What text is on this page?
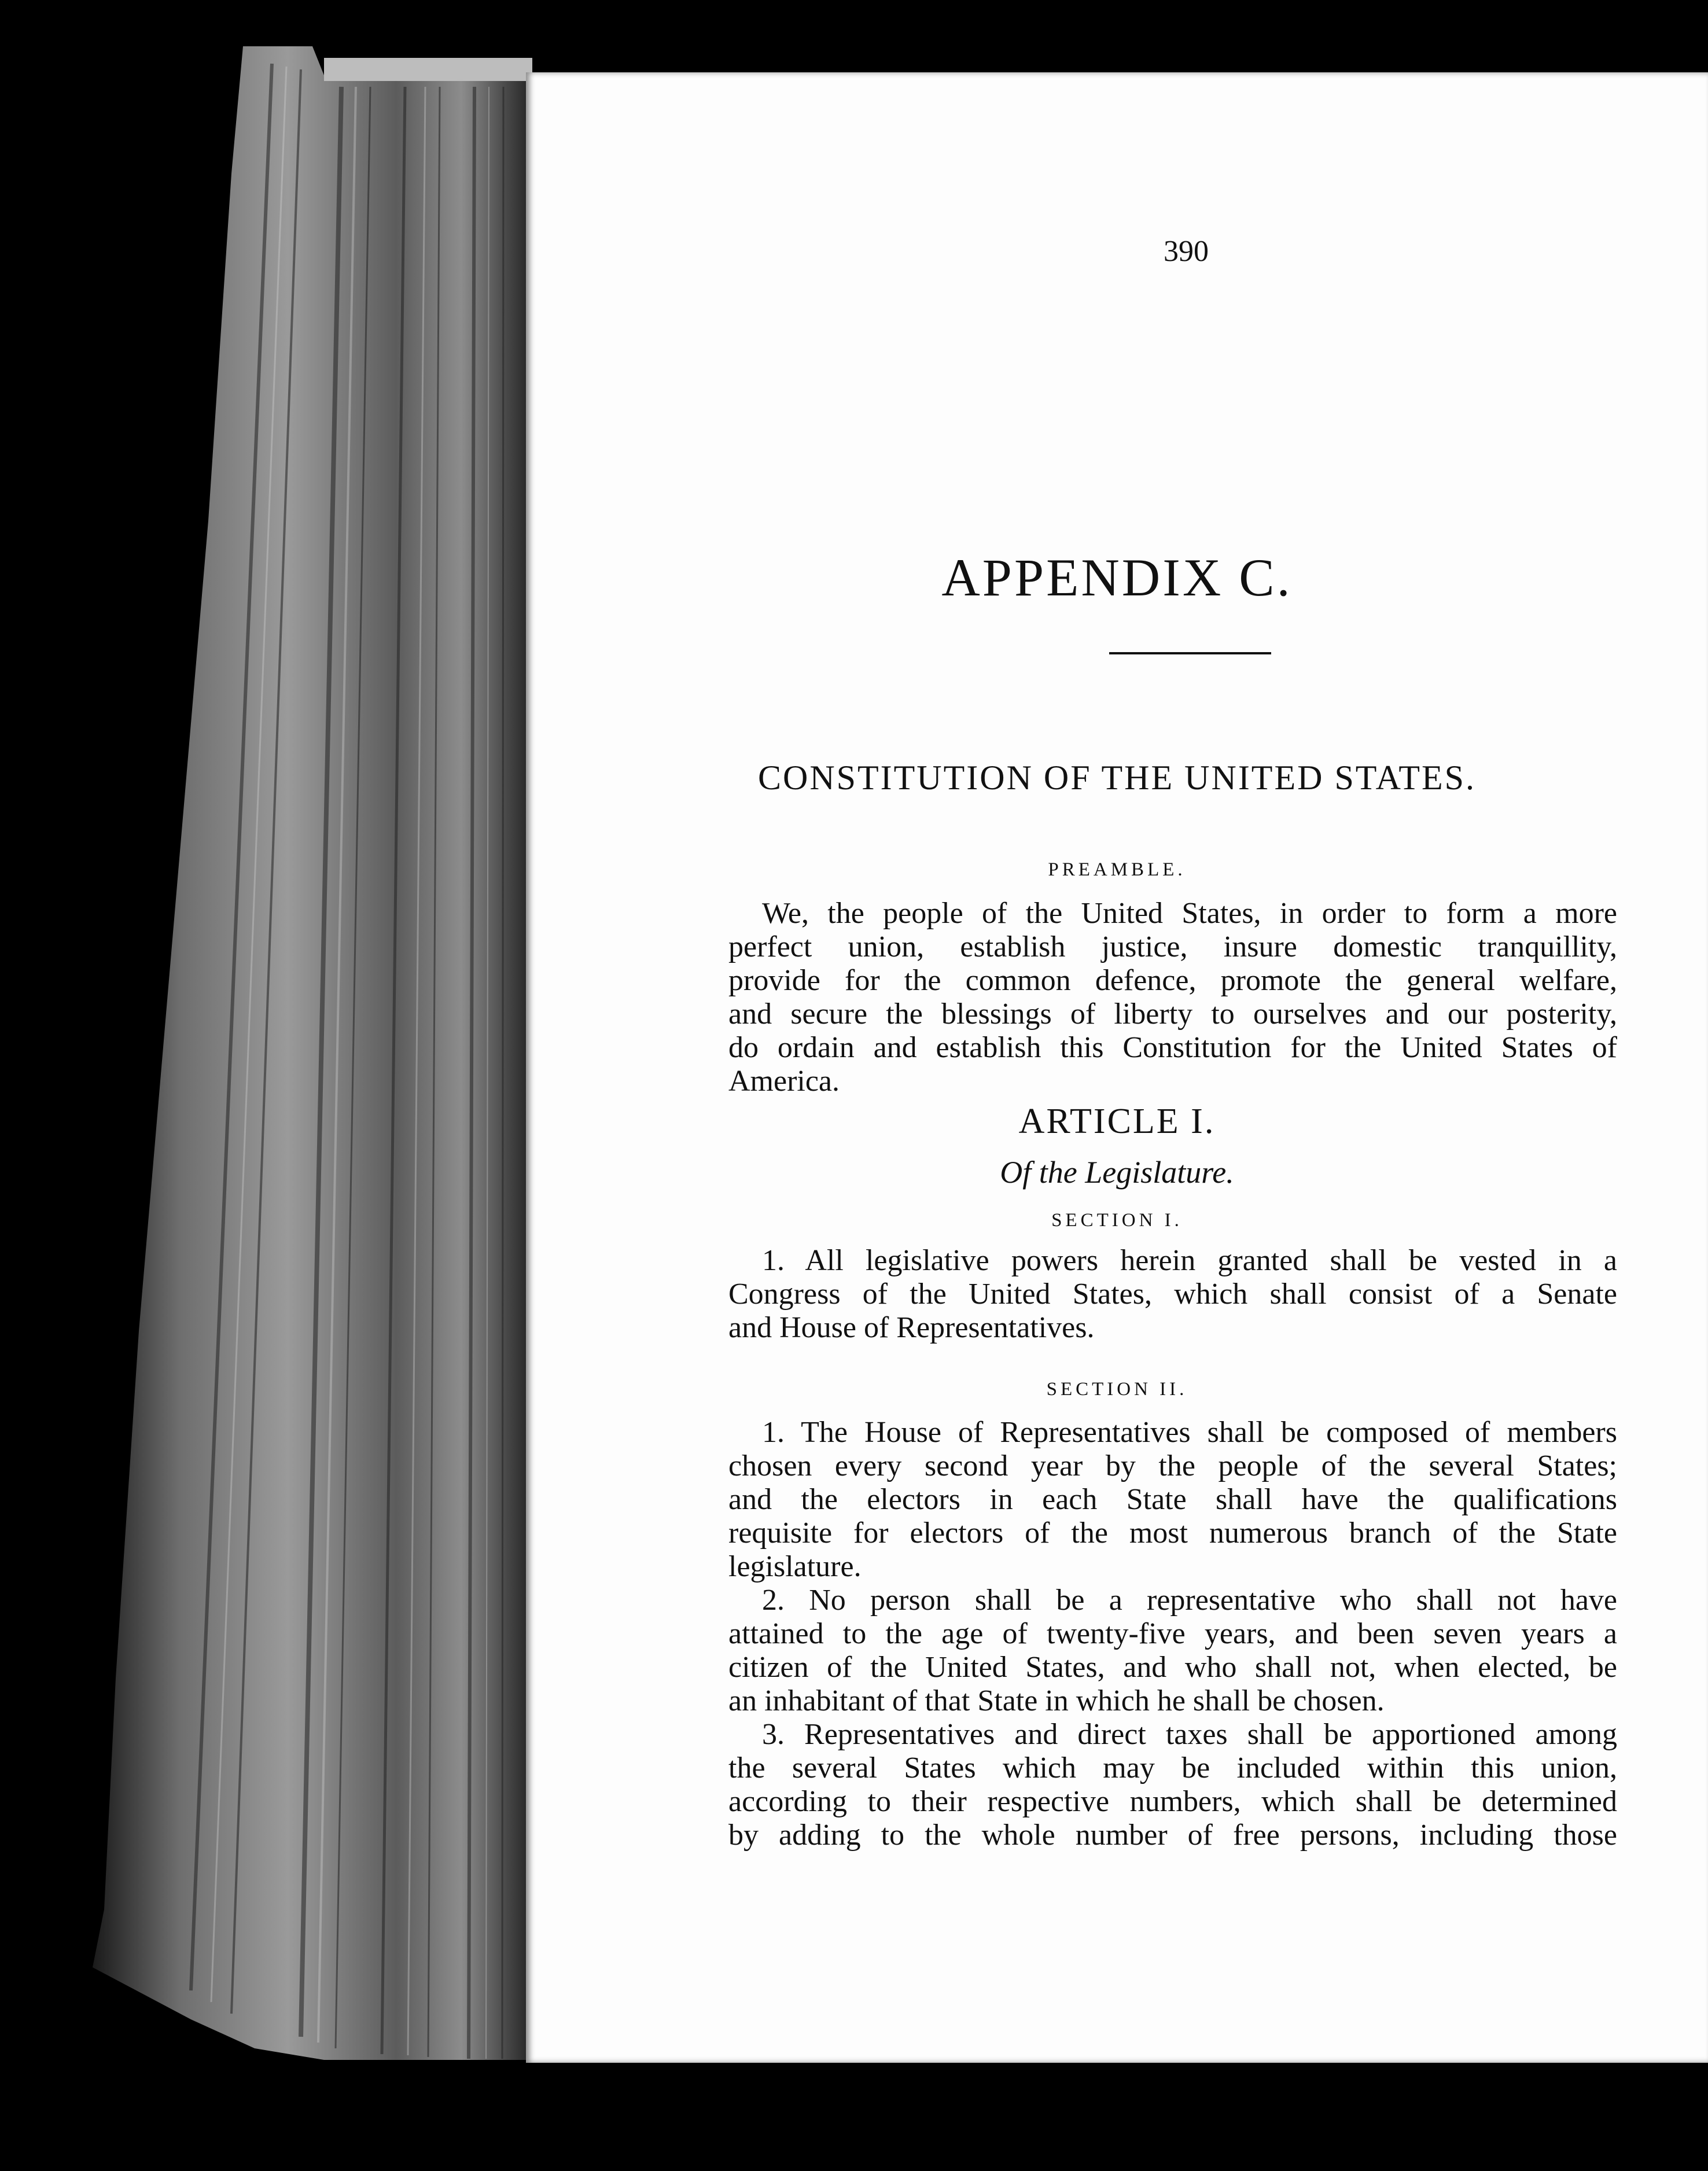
390
APPENDIX C.
CONSTITUTION OF THE UNITED STATES.
PREAMBLE.
We, the people of the United States, in order to form a more
perfect union, establish justice, insure domestic tranquillity,
provide for the common defence, promote the general welfare,
and secure the blessings of liberty to ourselves and our posterity,
do ordain and establish this Constitution for the United States of
America.
ARTICLE I.
Of the Legislature.
SECTION I.
1. All legislative powers herein granted shall be vested in a
Congress of the United States, which shall consist of a Senate
and House of Representatives.
SECTION II.
1. The House of Representatives shall be composed of members
chosen every second year by the people of the several States;
and the electors in each State shall have the qualifications
requisite for electors of the most numerous branch of the State
legislature.
2. No person shall be a representative who shall not have
attained to the age of twenty-five years, and been seven years a
citizen of the United States, and who shall not, when elected, be
an inhabitant of that State in which he shall be chosen.
3. Representatives and direct taxes shall be apportioned among
the several States which may be included within this union,
according to their respective numbers, which shall be determined
by adding to the whole number of free persons, including those
